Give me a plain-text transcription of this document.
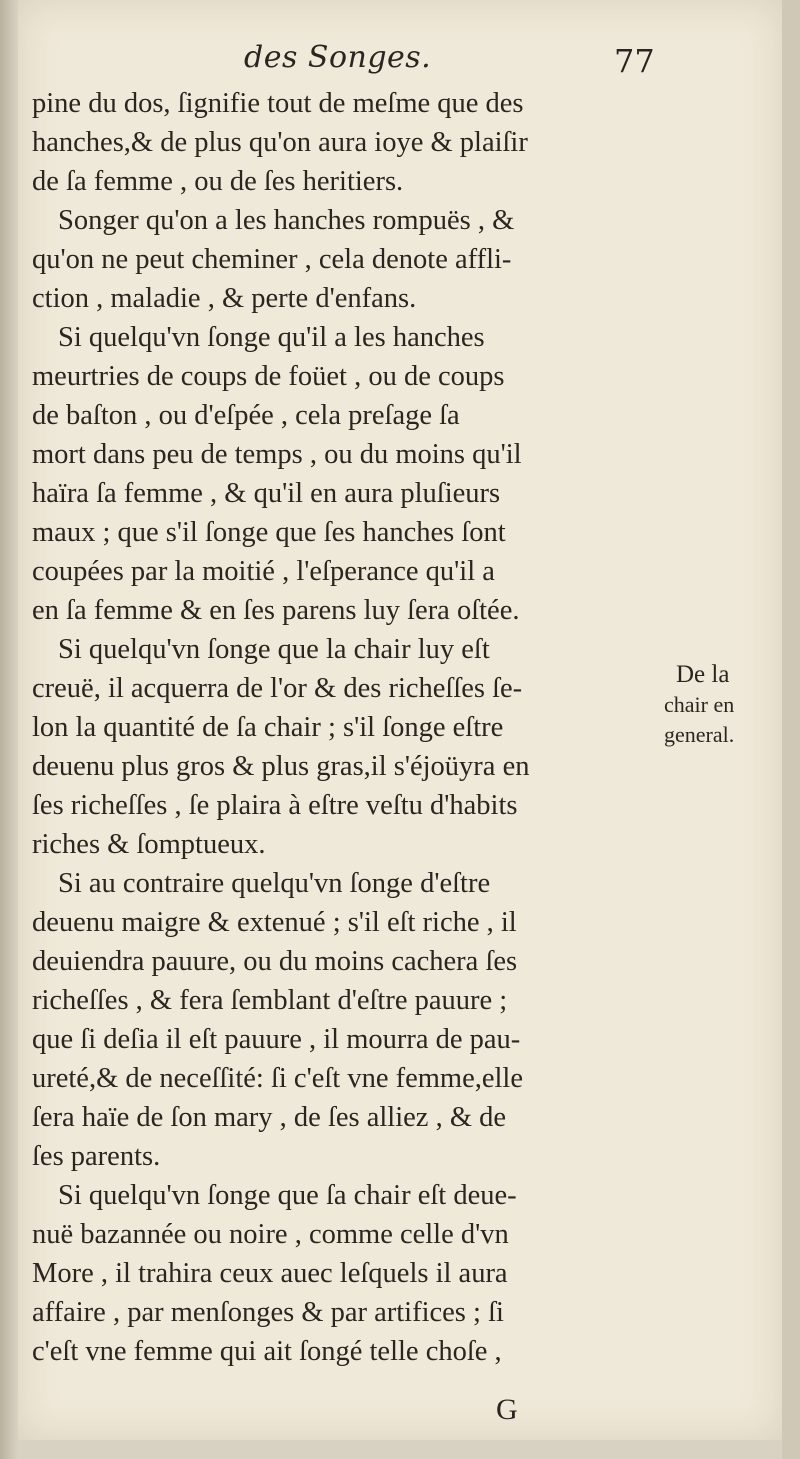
des Songes.	77
pine du dos, ſignifie tout de meſme que des
hanches,& de plus qu'on aura ioye & plaiſir
de ſa femme , ou de ſes heritiers.
Songer qu'on a les hanches rompuës , &
qu'on ne peut cheminer , cela denote affli-
ction , maladie , & perte d'enfans.
Si quelqu'vn ſonge qu'il a les hanches
meurtries de coups de foüet , ou de coups
de baſton , ou d'eſpée , cela preſage ſa
mort dans peu de temps , ou du moins qu'il
haïra ſa femme , & qu'il en aura pluſieurs
maux ; que s'il ſonge que ſes hanches ſont
coupées par la moitié , l'eſperance qu'il a
en ſa femme & en ſes parens luy ſera oſtée.
Si quelqu'vn ſonge que la chair luy eſt
creuë, il acquerra de l'or & des richeſſes ſe-
lon la quantité de ſa chair ; s'il ſonge eſtre
deuenu plus gros & plus gras,il s'éjoüyra en
ſes richeſſes , ſe plaira à eſtre veſtu d'habits
riches & ſomptueux.
Si au contraire quelqu'vn ſonge d'eſtre
deuenu maigre & extenué ; s'il eſt riche , il
deuiendra pauure, ou du moins cachera ſes
richeſſes , & fera ſemblant d'eſtre pauure ;
que ſi deſia il eſt pauure , il mourra de pau-
ureté,& de neceſſité: ſi c'eſt vne femme,elle
ſera haïe de ſon mary , de ſes alliez , & de
ſes parents.
Si quelqu'vn ſonge que ſa chair eſt deue-
nuë bazannée ou noire , comme celle d'vn
More , il trahira ceux auec leſquels il aura
affaire , par menſonges & par artifices ; ſi
c'eſt vne femme qui ait ſongé telle choſe ,
De la
chair en
general.
G
